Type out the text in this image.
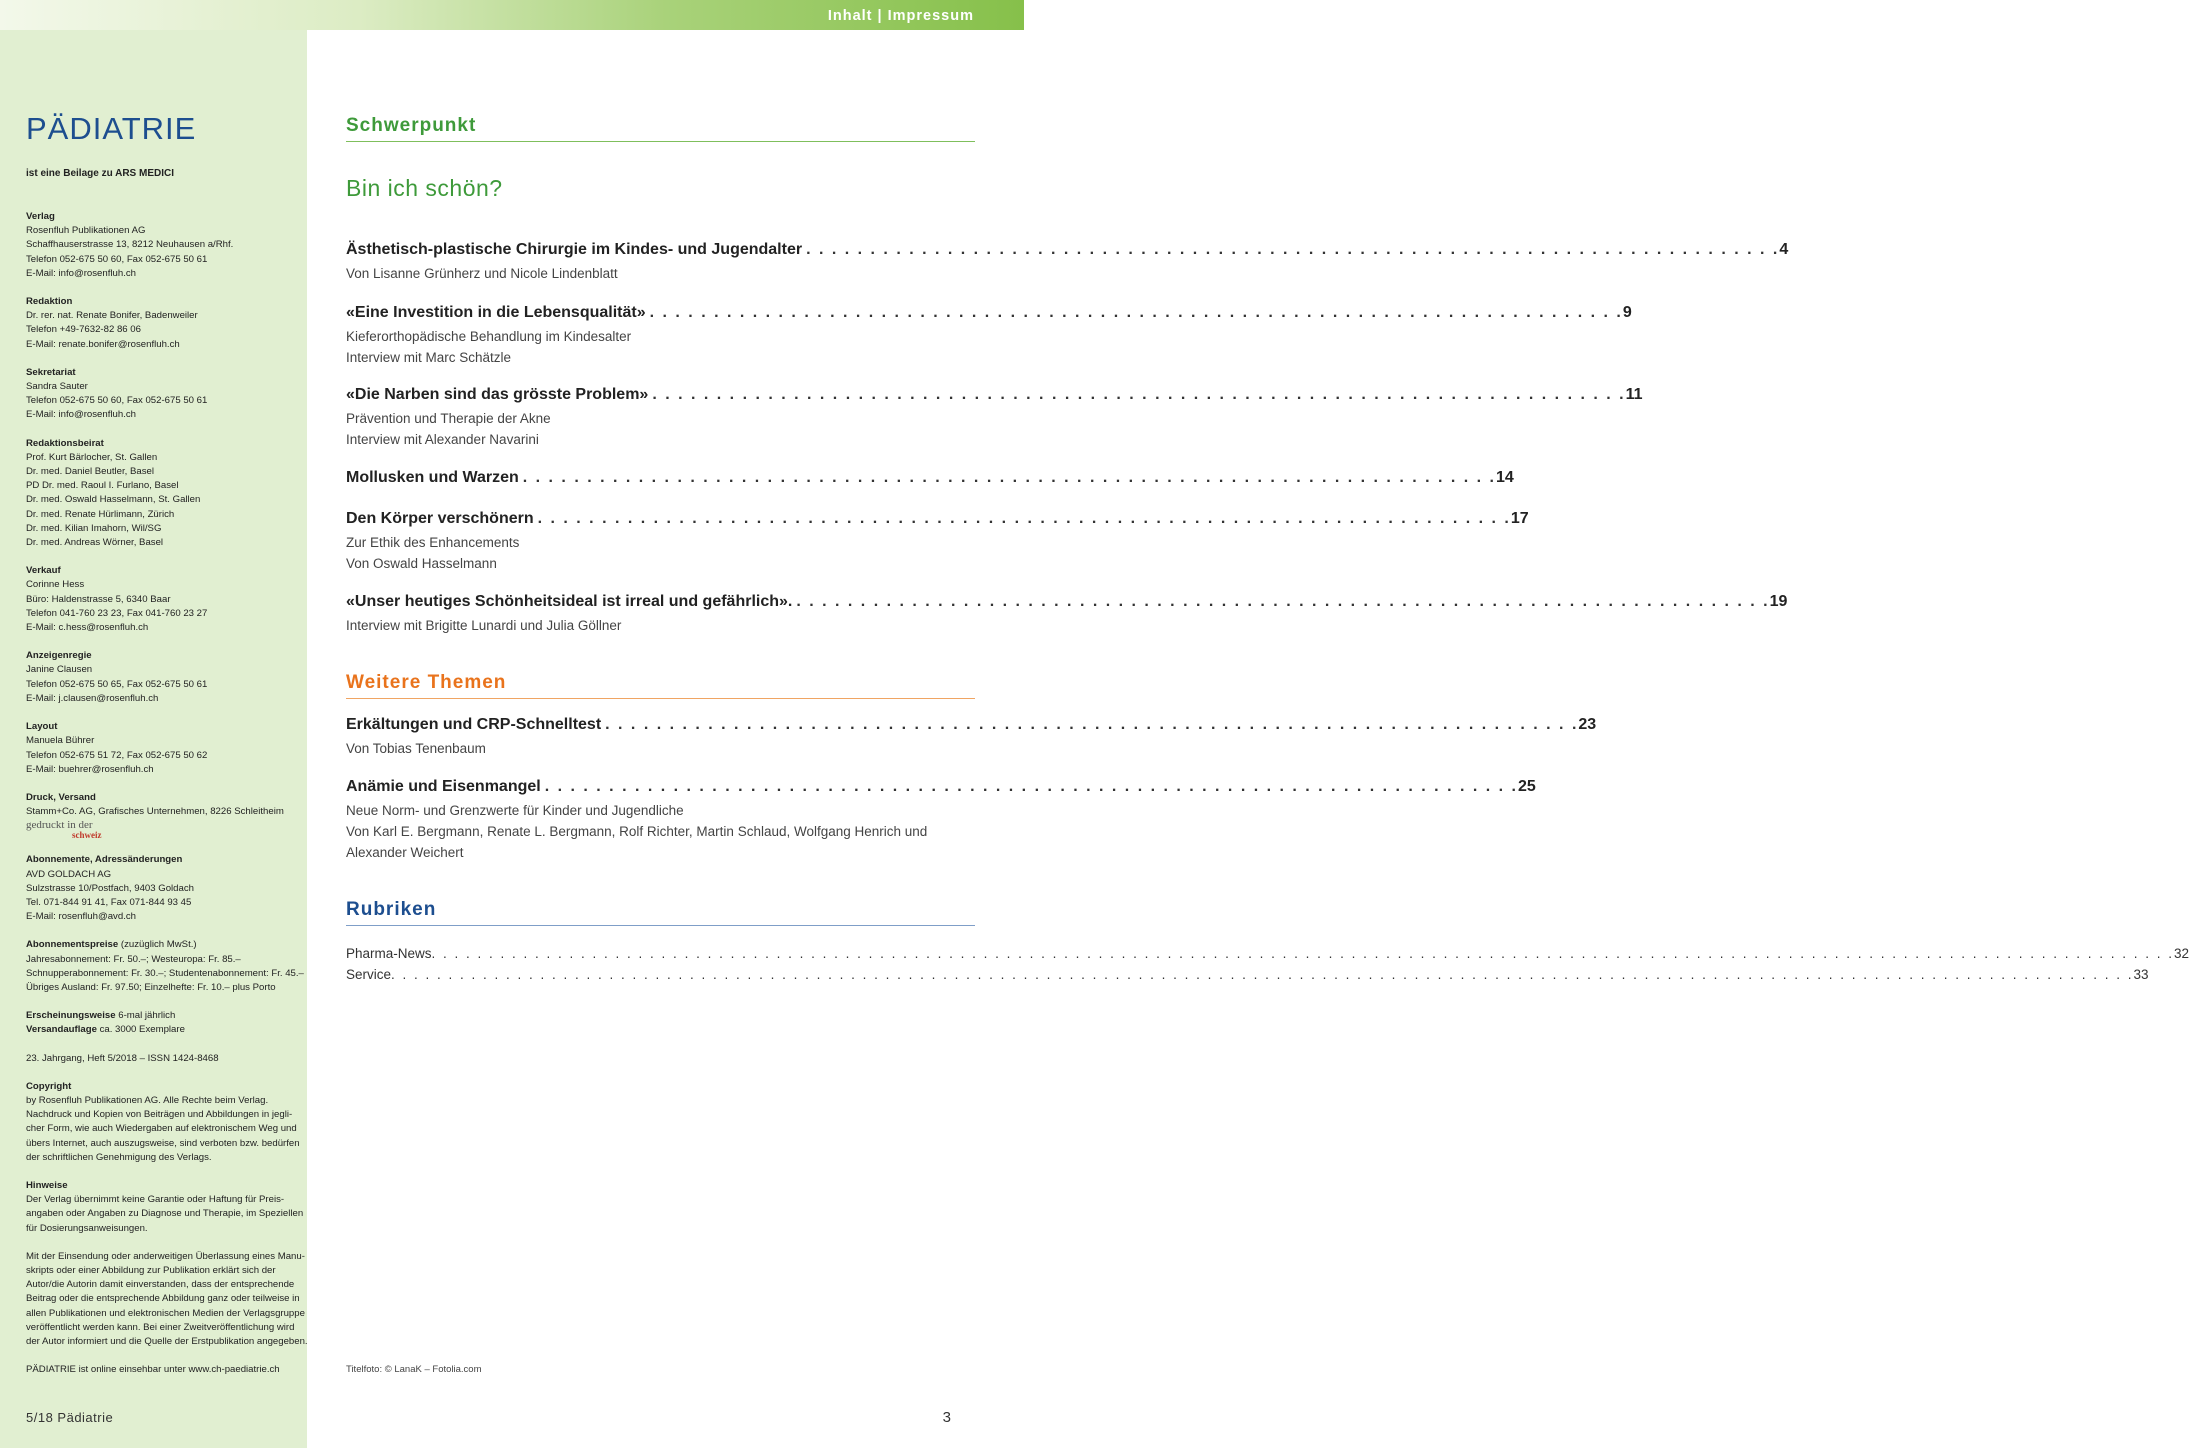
Inhalt | Impressum
PÄDIATRIE
ist eine Beilage zu ARS MEDICI
Verlag
Rosenfluh Publikationen AG
Schaffhauserstrasse 13, 8212 Neuhausen a/Rhf.
Telefon 052-675 50 60, Fax 052-675 50 61
E-Mail: info@rosenfluh.ch
Redaktion
Dr. rer. nat. Renate Bonifer, Badenweiler
Telefon +49-7632-82 86 06
E-Mail: renate.bonifer@rosenfluh.ch
Sekretariat
Sandra Sauter
Telefon 052-675 50 60, Fax 052-675 50 61
E-Mail: info@rosenfluh.ch
Redaktionsbeirat
Prof. Kurt Bärlocher, St. Gallen
Dr. med. Daniel Beutler, Basel
PD Dr. med. Raoul I. Furlano, Basel
Dr. med. Oswald Hasselmann, St. Gallen
Dr. med. Renate Hürlimann, Zürich
Dr. med. Kilian Imahorn, Wil/SG
Dr. med. Andreas Wörner, Basel
Verkauf
Corinne Hess
Büro: Haldenstrasse 5, 6340 Baar
Telefon 041-760 23 23, Fax 041-760 23 27
E-Mail: c.hess@rosenfluh.ch
Anzeigenregie
Janine Clausen
Telefon 052-675 50 65, Fax 052-675 50 61
E-Mail: j.clausen@rosenfluh.ch
Layout
Manuela Bührer
Telefon 052-675 51 72, Fax 052-675 50 62
E-Mail: buehrer@rosenfluh.ch
Druck, Versand
Stamm+Co. AG, Grafisches Unternehmen, 8226 Schleitheim
gedruckt in der
schweiz
Abonnemente, Adressänderungen
AVD GOLDACH AG
Sulzstrasse 10/Postfach, 9403 Goldach
Tel. 071-844 91 41, Fax 071-844 93 45
E-Mail: rosenfluh@avd.ch
Abonnementspreise (zuzüglich MwSt.)
Jahresabonnement: Fr. 50.–; Westeuropa: Fr. 85.–
Schnupperabonnement: Fr. 30.–; Studentenabonnement: Fr. 45.–
Übriges Ausland: Fr. 97.50; Einzelhefte: Fr. 10.– plus Porto
Erscheinungsweise 6-mal jährlich
Versandauflage ca. 3000 Exemplare
23. Jahrgang, Heft 5/2018 – ISSN 1424-8468
Copyright
by Rosenfluh Publikationen AG. Alle Rechte beim Verlag.
Nachdruck und Kopien von Beiträgen und Abbildungen in jegli-
cher Form, wie auch Wiedergaben auf elektronischem Weg und
übers Internet, auch auszugsweise, sind verboten bzw. bedürfen
der schriftlichen Genehmigung des Verlags.
Hinweise
Der Verlag übernimmt keine Garantie oder Haftung für Preis-
angaben oder Angaben zu Diagnose und Therapie, im Speziellen
für Dosierungsanweisungen.
Mit der Einsendung oder anderweitigen Überlassung eines Manu-
skripts oder einer Abbildung zur Publikation erklärt sich der
Autor/die Autorin damit einverstanden, dass der entsprechende
Beitrag oder die entsprechende Abbildung ganz oder teilweise in
allen Publikationen und elektronischen Medien der Verlagsgruppe
veröffentlicht werden kann. Bei einer Zweitveröffentlichung wird
der Autor informiert und die Quelle der Erstpublikation angegeben.
PÄDIATRIE ist online einsehbar unter www.ch-paediatrie.ch
5/18 Pädiatrie
Schwerpunkt
Bin ich schön?
Ästhetisch-plastische Chirurgie im Kindes- und Jugendalter . . . . . . . . . . . . . . . . . . . . . . . . . . . . . . . . . . . . . . . . . . . . . . . . . . . . . . . . . . . . . . . . . . . . . . . . . . . . 4
Von Lisanne Grünherz und Nicole Lindenblatt
«Eine Investition in die Lebensqualität» . . . . . . . . . . . . . . . . . . . . . . . . . . . . . . . . . . . . . . . . . . . . . . . . . . . . . . . . . . . . . . . . . . . . . . . . . . . . 9
Kieferorthopädische Behandlung im Kindesalter
Interview mit Marc Schätzle
«Die Narben sind das grösste Problem» . . . . . . . . . . . . . . . . . . . . . . . . . . . . . . . . . . . . . . . . . . . . . . . . . . . . . . . . . . . . . . . . . . . . . . . . . . . . 11
Prävention und Therapie der Akne
Interview mit Alexander Navarini
Mollusken und Warzen . . . . . . . . . . . . . . . . . . . . . . . . . . . . . . . . . . . . . . . . . . . . . . . . . . . . . . . . . . . . . . . . . . . . . . . . . . . . 14
Den Körper verschönern . . . . . . . . . . . . . . . . . . . . . . . . . . . . . . . . . . . . . . . . . . . . . . . . . . . . . . . . . . . . . . . . . . . . . . . . . . . . 17
Zur Ethik des Enhancements
Von Oswald Hasselmann
«Unser heutiges Schönheitsideal ist irreal und gefährlich». . . . . . . . . . . . . . . . . . . . . . . . . . . . . . . . . . . . . . . . . . . . . . . . . . . . . . . . . . . . . . . . . . . . . . . . . . . . . 19
Interview mit Brigitte Lunardi und Julia Göllner
Weitere Themen
Erkältungen und CRP-Schnelltest . . . . . . . . . . . . . . . . . . . . . . . . . . . . . . . . . . . . . . . . . . . . . . . . . . . . . . . . . . . . . . . . . . . . . . . . . . . . 23
Von Tobias Tenenbaum
Anämie und Eisenmangel . . . . . . . . . . . . . . . . . . . . . . . . . . . . . . . . . . . . . . . . . . . . . . . . . . . . . . . . . . . . . . . . . . . . . . . . . . . . 25
Neue Norm- und Grenzwerte für Kinder und Jugendliche
Von Karl E. Bergmann, Renate L. Bergmann, Rolf Richter, Martin Schlaud, Wolfgang Henrich und Alexander Weichert
Rubriken
Pharma-News . . . . . . . . . . . . . . . . . . . . . . . . . . . . . . . . . . . . . . . . . . . . . . . . . . . . . . . . . . . . . . . . . . . . . . . . . . . . . . . . . . . . . . . . . . . . . . . . . . . . . . . . . . . . . . . . . . . . . . . . . . . . . . . . . . . . . . . . . . . . . . . . . . . . . . . . 32
Service . . . . . . . . . . . . . . . . . . . . . . . . . . . . . . . . . . . . . . . . . . . . . . . . . . . . . . . . . . . . . . . . . . . . . . . . . . . . . . . . . . . . . . . . . . . . . . . . . . . . . . . . . . . . . . . . . . . . . . . . . . . . . . . . . . . . . . . . . . . . . . . . . . . . . . . . 33
Titelfoto: © LanaK – Fotolia.com
3
